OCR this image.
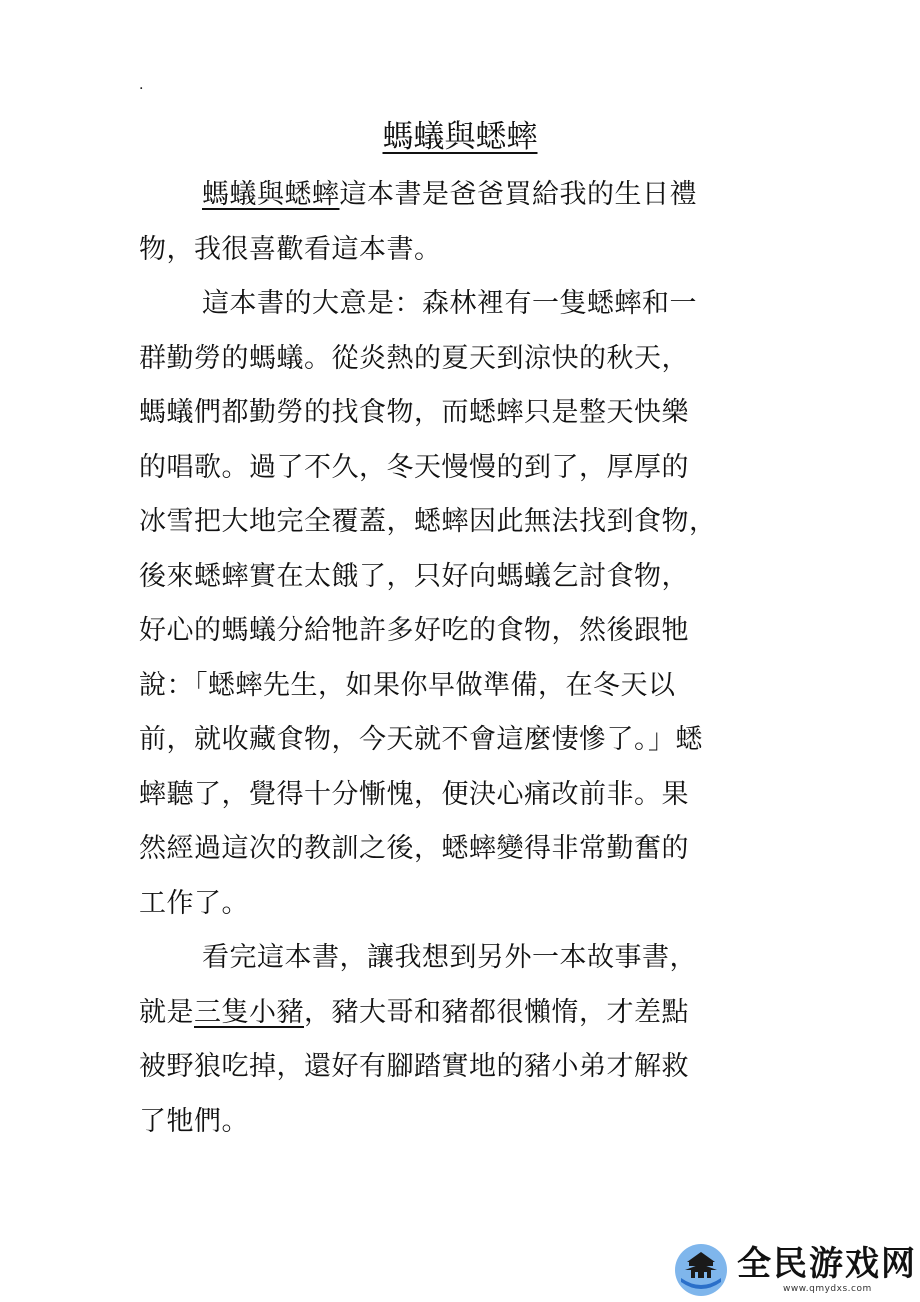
.
螞蟻與蟋蟀

螞蟻與蟋蟀這本書是爸爸買給我的生日禮
物，我很喜歡看這本書。

這本書的大意是：森林裡有一隻蟋蟀和一
群勤勞的螞蟻。從炎熱的夏天到涼快的秋天，
螞蟻們都勤勞的找食物，而蟋蟀只是整天快樂
的唱歌。過了不久，冬天慢慢的到了，厚厚的
冰雪把大地完全覆蓋，蟋蟀因此無法找到食物，
後來蟋蟀實在太餓了，只好向螞蟻乞討食物，
好心的螞蟻分給牠許多好吃的食物，然後跟牠
說：「蟋蟀先生，如果你早做準備，在冬天以
前，就收藏食物，今天就不會這麼悽慘了。」蟋
蟀聽了，覺得十分慚愧，便決心痛改前非。果
然經過這次的教訓之後，蟋蟀變得非常勤奮的
工作了。

看完這本書，讓我想到另外一本故事書，
就是三隻小豬，豬大哥和豬都很懶惰，才差點
被野狼吃掉，還好有腳踏實地的豬小弟才解救
了牠們。

全民游戏网
www.qmydxs.com
